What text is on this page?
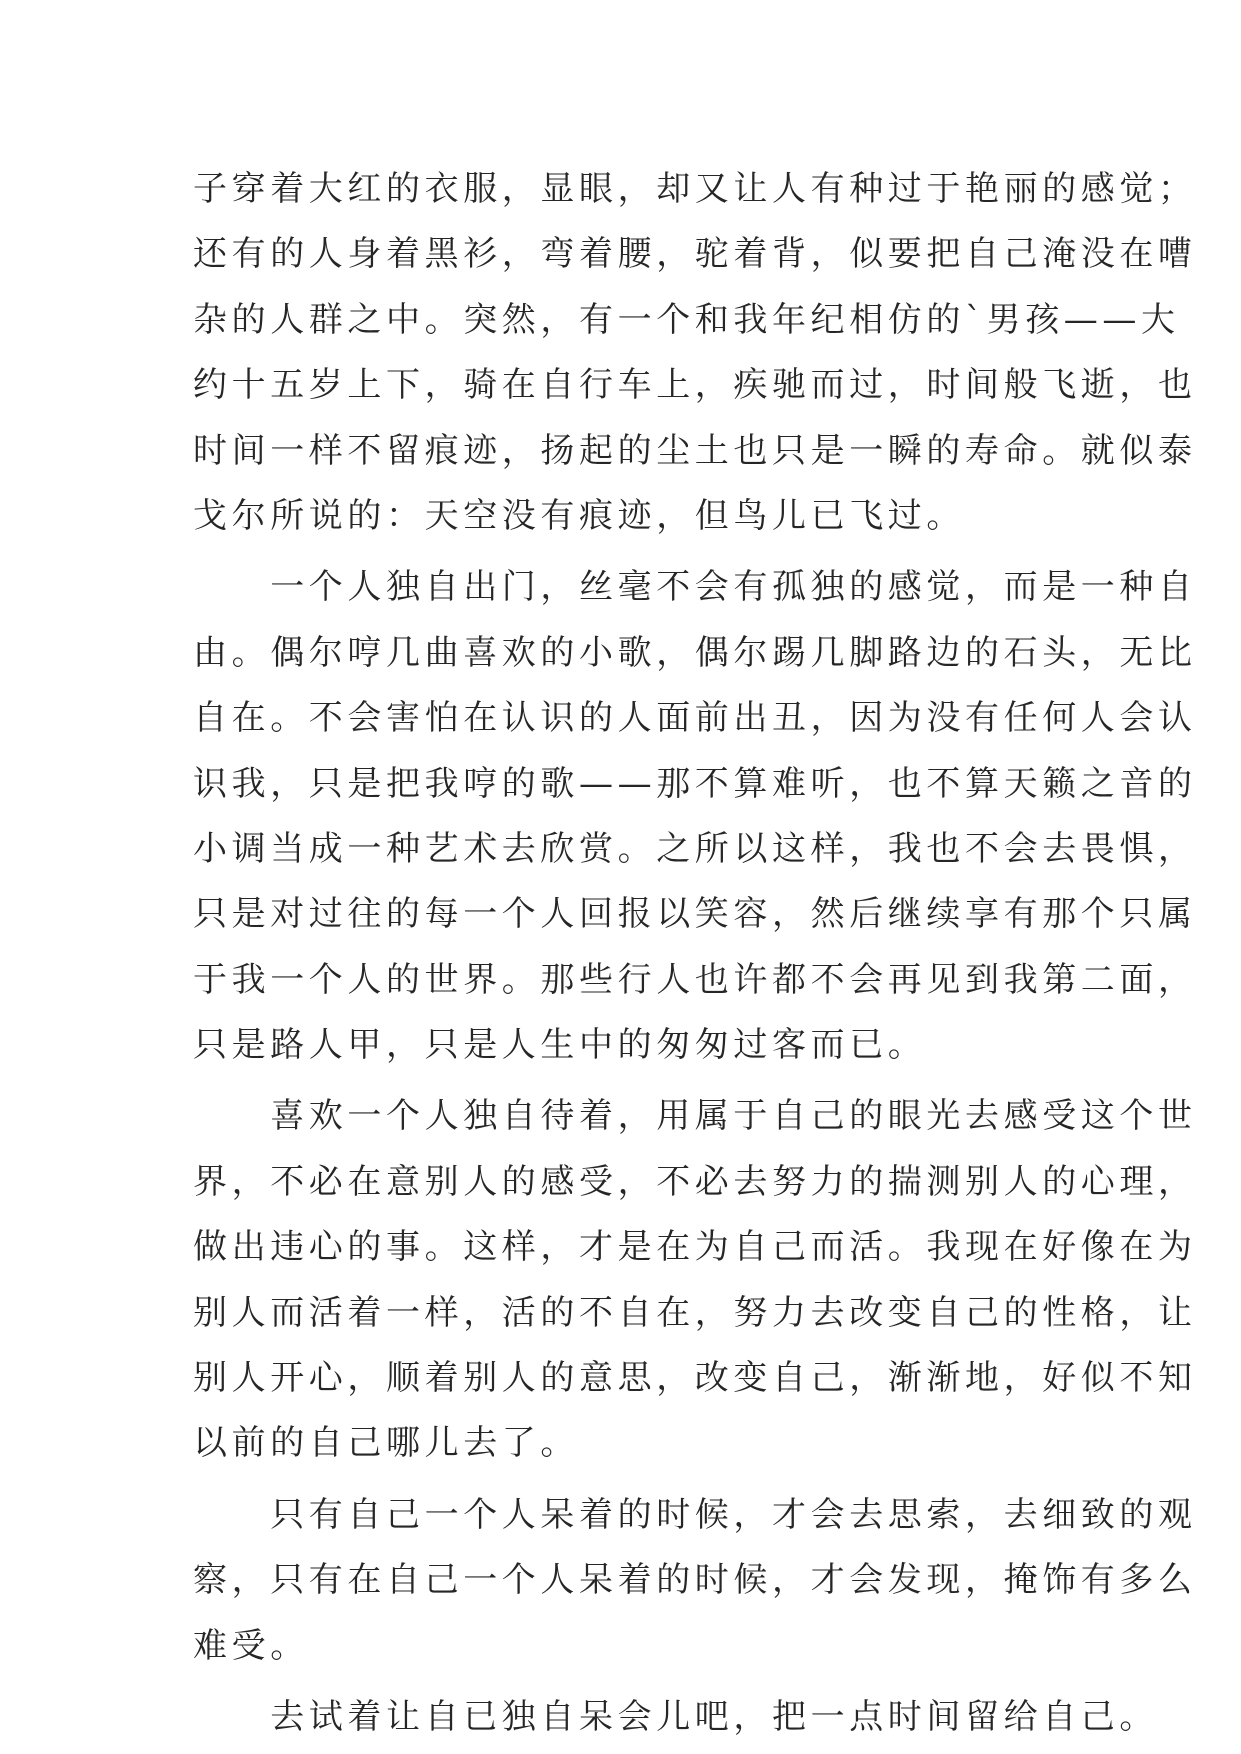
子穿着大红的衣服，显眼，却又让人有种过于艳丽的感觉；
还有的人身着黑衫，弯着腰，驼着背，似要把自己淹没在嘈
杂的人群之中。突然，有一个和我年纪相仿的`男孩——大
约十五岁上下，骑在自行车上，疾驰而过，时间般飞逝，也
时间一样不留痕迹，扬起的尘土也只是一瞬的寿命。就似泰
戈尔所说的：天空没有痕迹，但鸟儿已飞过。
　　一个人独自出门，丝毫不会有孤独的感觉，而是一种自
由。偶尔哼几曲喜欢的小歌，偶尔踢几脚路边的石头，无比
自在。不会害怕在认识的人面前出丑，因为没有任何人会认
识我，只是把我哼的歌——那不算难听，也不算天籁之音的
小调当成一种艺术去欣赏。之所以这样，我也不会去畏惧，
只是对过往的每一个人回报以笑容，然后继续享有那个只属
于我一个人的世界。那些行人也许都不会再见到我第二面，
只是路人甲，只是人生中的匆匆过客而已。
　　喜欢一个人独自待着，用属于自己的眼光去感受这个世
界，不必在意别人的感受，不必去努力的揣测别人的心理，
做出违心的事。这样，才是在为自己而活。我现在好像在为
别人而活着一样，活的不自在，努力去改变自己的性格，让
别人开心，顺着别人的意思，改变自己，渐渐地，好似不知
以前的自己哪儿去了。
　　只有自己一个人呆着的时候，才会去思索，去细致的观
察，只有在自己一个人呆着的时候，才会发现，掩饰有多么
难受。
　　去试着让自已独自呆会儿吧，把一点时间留给自己。
